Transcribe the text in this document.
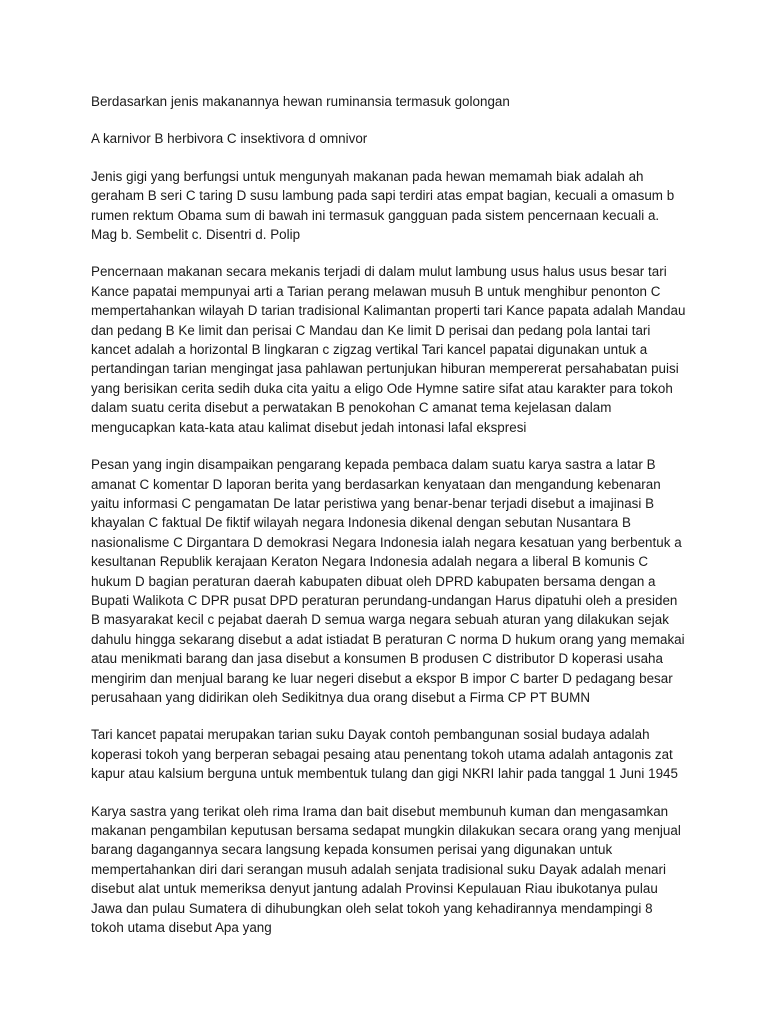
Berdasarkan jenis makanannya hewan ruminansia termasuk golongan

A karnivor B herbivora C insektivora d omnivor

Jenis gigi yang berfungsi untuk mengunyah makanan pada hewan memamah biak adalah ah geraham B seri C taring D susu lambung pada sapi terdiri atas empat bagian, kecuali a omasum b rumen rektum Obama sum di bawah ini termasuk gangguan pada sistem pencernaan kecuali a. Mag b. Sembelit c. Disentri d. Polip

Pencernaan makanan secara mekanis terjadi di dalam mulut lambung usus halus usus besar tari Kance papatai mempunyai arti a Tarian perang melawan musuh B untuk menghibur penonton C mempertahankan wilayah D tarian tradisional Kalimantan properti tari Kance papata adalah Mandau dan pedang B Ke limit dan perisai C Mandau dan Ke limit D perisai dan pedang pola lantai tari kancet adalah a horizontal B lingkaran c zigzag vertikal Tari kancel papatai digunakan untuk a pertandingan tarian mengingat jasa pahlawan pertunjukan hiburan mempererat persahabatan puisi yang berisikan cerita sedih duka cita yaitu a eligo Ode Hymne satire sifat atau karakter para tokoh dalam suatu cerita disebut a perwatakan B penokohan C amanat tema kejelasan dalam mengucapkan kata-kata atau kalimat disebut jedah intonasi lafal ekspresi

Pesan yang ingin disampaikan pengarang kepada pembaca dalam suatu karya sastra a latar B amanat C komentar D laporan berita yang berdasarkan kenyataan dan mengandung kebenaran yaitu informasi C pengamatan De latar peristiwa yang benar-benar terjadi disebut a imajinasi B khayalan C faktual De fiktif wilayah negara Indonesia dikenal dengan sebutan Nusantara B nasionalisme C Dirgantara D demokrasi Negara Indonesia ialah negara kesatuan yang berbentuk a kesultanan Republik kerajaan Keraton Negara Indonesia adalah negara a liberal B komunis C hukum D bagian peraturan daerah kabupaten dibuat oleh DPRD kabupaten bersama dengan a Bupati Walikota C DPR pusat DPD peraturan perundang-undangan Harus dipatuhi oleh a presiden B masyarakat kecil c pejabat daerah D semua warga negara sebuah aturan yang dilakukan sejak dahulu hingga sekarang disebut a adat istiadat B peraturan C norma D hukum orang yang memakai atau menikmati barang dan jasa disebut a konsumen B produsen C distributor D koperasi usaha mengirim dan menjual barang ke luar negeri disebut a ekspor B impor C barter D pedagang besar perusahaan yang didirikan oleh Sedikitnya dua orang disebut a Firma CP PT BUMN

Tari kancet papatai merupakan tarian suku Dayak contoh pembangunan sosial budaya adalah koperasi tokoh yang berperan sebagai pesaing atau penentang tokoh utama adalah antagonis zat kapur atau kalsium berguna untuk membentuk tulang dan gigi NKRI lahir pada tanggal 1 Juni 1945

Karya sastra yang terikat oleh rima Irama dan bait disebut membunuh kuman dan mengasamkan makanan pengambilan keputusan bersama sedapat mungkin dilakukan secara orang yang menjual barang dagangannya secara langsung kepada konsumen perisai yang digunakan untuk mempertahankan diri dari serangan musuh adalah senjata tradisional suku Dayak adalah menari disebut alat untuk memeriksa denyut jantung adalah Provinsi Kepulauan Riau ibukotanya pulau Jawa dan pulau Sumatera di dihubungkan oleh selat tokoh yang kehadirannya mendampingi 8 tokoh utama disebut Apa yang
